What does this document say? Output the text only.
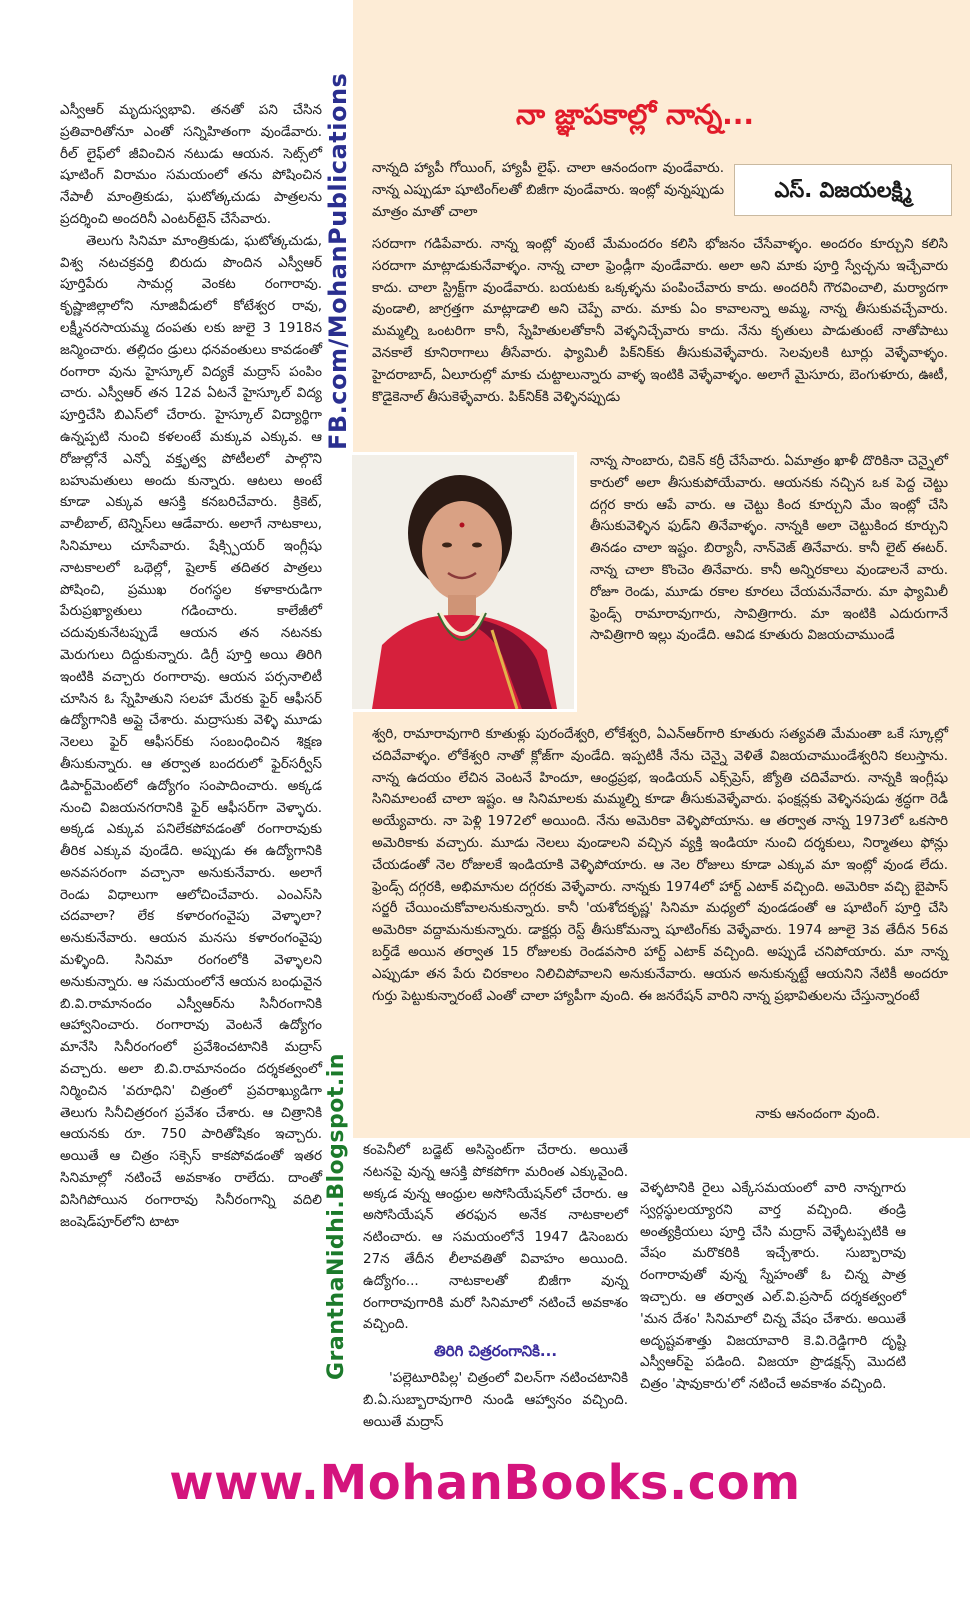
ఎస్వీఆర్ మృదుస్వభావి. తనతో పని చేసిన ప్రతివారితోనూ ఎంతో సన్నిహితంగా వుండేవారు. రీల్ లైఫ్‌లో జీవించిన నటుడు ఆయన. సెట్స్‌లో షూటింగ్ విరామం సమయంలో తను పోషించిన నేపాలీ మాంత్రికుడు, ఘటోత్కచుడు పాత్రలను ప్రదర్శించి అందరినీ ఎంటర్‌టైన్ చేసేవారు.

తెలుగు సినిమా మాంత్రికుడు, ఘటోత్కచుడు, విశ్వ నటచక్రవర్తి బిరుదు పొందిన ఎస్వీఆర్ పూర్తిపేరు సామర్ల వెంకట రంగారావు. కృష్ణాజిల్లాలోని నూజివీడులో కోటేశ్వర రావు, లక్ష్మీనరసాయమ్మ దంపతు లకు జులై 3 1918న జన్మించారు. తల్లిదం డ్రులు ధనవంతులు కావడంతో రంగారా వును హైస్కూల్ విద్యకే మద్రాస్ పంపిం చారు. ఎస్వీఆర్ తన 12వ ఏటనే హైస్కూల్ విద్య పూర్తిచేసి బిఎస్‌లో చేరారు. హైస్కూల్ విద్యార్థిగా ఉన్నప్పటి నుంచి కళలంటే మక్కువ ఎక్కువ. ఆ రోజుల్లోనే ఎన్నో వక్తృత్వ పోటీలలో పాల్గొని బహుమతులు అందు కున్నారు. ఆటలు అంటే కూడా ఎక్కువ ఆసక్తి కనబరిచేవారు. క్రికెట్, వాలీబాల్, టెన్నిస్‌లు ఆడేవారు. అలాగే నాటకాలు, సినిమాలు చూసేవారు. షేక్స్పియర్ ఇంగ్లీషు నాటకాలలో ఒథెల్లో, షైలాక్ తదితర పాత్రలు పోషించి, ప్రముఖ రంగస్థల కళాకారుడిగా పేరుప్రఖ్యాతులు గడించారు. కాలేజీలో చదువుకునేటప్పుడే ఆయన తన నటనకు మెరుగులు దిద్దుకున్నారు. డిగ్రీ పూర్తి అయి తిరిగి ఇంటికి వచ్చారు రంగారావు. ఆయన పర్సనాలిటీ చూసిన ఓ స్నేహితుని సలహా మేరకు ఫైర్ ఆఫీసర్ ఉద్యోగానికి అప్లై చేశారు. మద్రాసుకు వెళ్ళి మూడు నెలలు ఫైర్ ఆఫీసర్‌కు సంబంధించిన శిక్షణ తీసుకున్నారు. ఆ తర్వాత బందరులో ఫైర్‌సర్వీస్ డిపార్ట్‌మెంట్‌లో ఉద్యోగం సంపాదించారు. అక్కడ నుంచి విజయనగరానికి ఫైర్ ఆఫీసర్‌గా వెళ్ళారు. అక్కడ ఎక్కువ పనిలేకపోవడంతో రంగారావుకు తీరిక ఎక్కువ వుండేది. అప్పుడు ఈ ఉద్యోగానికి అనవసరంగా వచ్చానా అనుకునేవారు. అలాగే రెండు విధాలుగా ఆలోచించేవారు. ఎంఎస్‌సి చదవాలా? లేక కళారంగంవైపు వెళ్ళాలా? అనుకునేవారు. ఆయన మనసు కళారంగంవైపు మళ్ళింది. సినిమా రంగంలోకి వెళ్ళాలని అనుకున్నారు. ఆ సమయంలోనే ఆయన బంధువైన బి.వి.రామానందం ఎస్వీఆర్‌ను సినీరంగానికి ఆహ్వానించారు. రంగారావు వెంటనే ఉద్యోగం మానేసి సినీరంగంలో ప్రవేశించటానికి మద్రాస్ వచ్చారు. అలా బి.వి.రామానందం దర్శకత్వంలో నిర్మించిన 'వరూధిని' చిత్రంలో ప్రవరాఖ్యుడిగా తెలుగు సినీచిత్రరంగ ప్రవేశం చేశారు. ఆ చిత్రానికి ఆయనకు రూ. 750 పారితోషికం ఇచ్చారు. అయితే ఆ చిత్రం సక్సెస్ కాకపోవడంతో ఇతర సినిమాల్లో నటించే అవకాశం రాలేదు. దాంతో విసిగిపోయిన రంగారావు సినీరంగాన్ని వదిలి జంషెడ్‌పూర్‌లోని టాటా

FB.com/MohanPublications
GranthaNidhi.Blogspot.in
నా జ్ఞాపకాల్లో నాన్న...
ఎస్. విజయలక్ష్మి
నాన్నది హ్యాపీ గోయింగ్, హ్యాపీ లైఫ్. చాలా ఆనందంగా వుండేవారు. నాన్న ఎప్పుడూ షూటింగ్‌లతో బిజీగా వుండేవారు. ఇంట్లో వున్నప్పుడు మాత్రం మాతో చాలా
సరదాగా గడిపేవారు. నాన్న ఇంట్లో వుంటే మేమందరం కలిసి భోజనం చేసేవాళ్ళం. అందరం కూర్చుని కలిసి సరదాగా మాట్లాడుకునేవాళ్ళం. నాన్న చాలా ఫ్రెండ్లీగా వుండేవారు. అలా అని మాకు పూర్తి స్వేచ్ఛను ఇచ్చేవారు కాదు. చాలా స్ట్రిక్ట్‌గా వుండేవారు. బయటకు ఒక్కళ్ళను పంపించేవారు కాదు. అందరినీ గౌరవించాలి, మర్యాదగా వుండాలి, జాగ్రత్తగా మాట్లాడాలి అని చెప్పే వారు. మాకు ఏం కావాలన్నా అమ్మ, నాన్న తీసుకువచ్చేవారు. మమ్మల్ని ఒంటరిగా కానీ, స్నేహితులతోకానీ వెళ్ళనిచ్చేవారు కాదు. నేను కృతులు పాడుతుంటే నాతోపాటు వెనకాలే కూనిరాగాలు తీసేవారు. ఫ్యామిలీ పిక్‌నిక్‌కు తీసుకువెళ్ళేవారు. సెలవులకి టూర్లు వెళ్ళేవాళ్ళం. హైదరాబాద్, ఏలూరుల్లో మాకు చుట్టాలున్నారు వాళ్ళ ఇంటికి వెళ్ళేవాళ్ళం. అలాగే మైసూరు, బెంగుళూరు, ఊటీ, కొడైకెనాల్ తీసుకెళ్ళేవారు. పిక్‌నిక్‌కి వెళ్ళినప్పుడు
నాన్న సాంబారు, చికెన్ కర్రీ చేసేవారు. ఏమాత్రం ఖాళీ దొరికినా చెన్నైలో కారులో అలా తీసుకుపోయేవారు. ఆయనకు నచ్చిన ఒక పెద్ద చెట్టు దగ్గర కారు ఆపే వారు. ఆ చెట్టు కింద కూర్చుని మేం ఇంట్లో చేసి తీసుకువెళ్ళిన ఫుడ్‌ని తినేవాళ్ళం. నాన్నకి అలా చెట్టుకింద కూర్చుని తినడం చాలా ఇష్టం. బిర్యానీ, నాన్‌వెజ్ తినేవారు. కానీ లైట్ ఈటర్. నాన్న చాలా కొంచెం తినేవారు. కానీ అన్నిరకాలు వుండాలనే వారు. రోజూ రెండు, మూడు రకాల కూరలు చేయమనేవారు. మా ఫ్యామిలీ ఫ్రెండ్స్ రామారావుగారు, సావిత్రిగారు. మా ఇంటికి ఎదురుగానే సావిత్రిగారి ఇల్లు వుండేది. ఆవిడ కూతురు విజయచాముండే
శ్వరి, రామారావుగారి కూతుళ్లు పురందేశ్వరి, లోకేశ్వరి, ఏఎన్‌ఆర్‌గారి కూతురు సత్యవతి మేమంతా ఒకే స్కూల్లో చదివేవాళ్ళం. లోకేశ్వరి నాతో క్లోజ్‌గా వుండేది. ఇప్పటికీ నేను చెన్నై వెళితే విజయచాముండేశ్వరిని కలుస్తాను. నాన్న ఉదయం లేచిన వెంటనే హిందూ, ఆంధ్రప్రభ, ఇండియన్ ఎక్స్‌ప్రెస్, జ్యోతి చదివేవారు. నాన్నకి ఇంగ్లీషు సినిమాలంటే చాలా ఇష్టం. ఆ సినిమాలకు మమ్మల్ని కూడా తీసుకువెళ్ళేవారు. ఫంక్షన్లకు వెళ్ళినపుడు శ్రద్ధగా రెడీ అయ్యేవారు. నా పెళ్లి 1972లో అయింది. నేను అమెరికా వెళ్ళిపోయాను. ఆ తర్వాత నాన్న 1973లో ఒకసారి అమెరికాకు వచ్చారు. మూడు నెలలు వుండాలని వచ్చిన వ్యక్తి ఇండియా నుంచి దర్శకులు, నిర్మాతలు ఫోన్లు చేయడంతో నెల రోజులకే ఇండియాకి వెళ్ళిపోయారు. ఆ నెల రోజులు కూడా ఎక్కువ మా ఇంట్లో వుండ లేదు. ఫ్రెండ్స్ దగ్గరకి, అభిమానుల దగ్గరకు వెళ్ళేవారు. నాన్నకు 1974లో హార్ట్ ఎటాక్ వచ్చింది. అమెరికా వచ్చి బైపాస్ సర్జరీ చేయించుకోవాలనుకున్నారు. కానీ 'యశోదకృష్ణ' సినిమా మధ్యలో వుండడంతో ఆ షూటింగ్ పూర్తి చేసి అమెరికా వద్దామనుకున్నారు. డాక్టర్లు రెస్ట్ తీసుకోమన్నా షూటింగ్‌కు వెళ్ళేవారు. 1974 జూలై 3వ తేదీన 56వ బర్త్‌డే అయిన తర్వాత 15 రోజులకు రెండవసారి హార్ట్ ఎటాక్ వచ్చింది. అప్పుడే చనిపోయారు. మా నాన్న ఎప్పుడూ తన పేరు చిరకాలం నిలిచిపోవాలని అనుకునేవారు. ఆయన అనుకున్నట్టే ఆయనిని నేటికీ అందరూ గుర్తు పెట్టుకున్నారంటే ఎంతో చాలా హ్యాపీగా వుంది. ఈ జనరేషన్ వారిని నాన్న ప్రభావితులను చేస్తున్నారంటే
నాకు ఆనందంగా వుంది.

కంపెనీలో బడ్జెట్ అసిస్టెంట్‌గా చేరారు. అయితే నటనపై వున్న ఆసక్తి పోకపోగా మరింత ఎక్కువైంది. అక్కడ వున్న ఆంధ్రుల అసోసియేషన్‌లో చేరారు. ఆ అసోసియేషన్ తరఫున అనేక నాటకాలలో నటించారు. ఆ సమయంలోనే 1947 డిసెంబరు 27న తేదీన లీలావతితో వివాహం అయింది. ఉద్యోగం... నాటకాలతో బిజీగా వున్న రంగారావుగారికి మరో సినిమాలో నటించే అవకాశం వచ్చింది.

తిరిగి చిత్రరంగానికి...

'పల్లెటూరిపిల్ల' చిత్రంలో విలన్‌గా నటించటానికి బి.ఏ.సుబ్బారావుగారి నుండి ఆహ్వానం వచ్చింది. అయితే మద్రాస్

వెళ్ళటానికి రైలు ఎక్కేసమయంలో వారి నాన్నగారు స్వర్గస్థులయ్యారని వార్త వచ్చింది. తండ్రి అంత్యక్రియలు పూర్తి చేసి మద్రాస్ వెళ్ళేటప్పటికి ఆ వేషం మరొకరికి ఇచ్చేశారు. సుబ్బారావు రంగారావుతో వున్న స్నేహంతో ఓ చిన్న పాత్ర ఇచ్చారు. ఆ తర్వాత ఎల్.వి.ప్రసాద్ దర్శకత్వంలో 'మన దేశం' సినిమాలో చిన్న వేషం చేశారు. అయితే అదృష్టవశాత్తు విజయావారి కె.వి.రెడ్డిగారి దృష్టి ఎస్వీఆర్‌పై పడింది. విజయా ప్రొడక్షన్స్ మొదటి చిత్రం 'షావుకారు'లో నటించే అవకాశం వచ్చింది.

www.MohanBooks.com
